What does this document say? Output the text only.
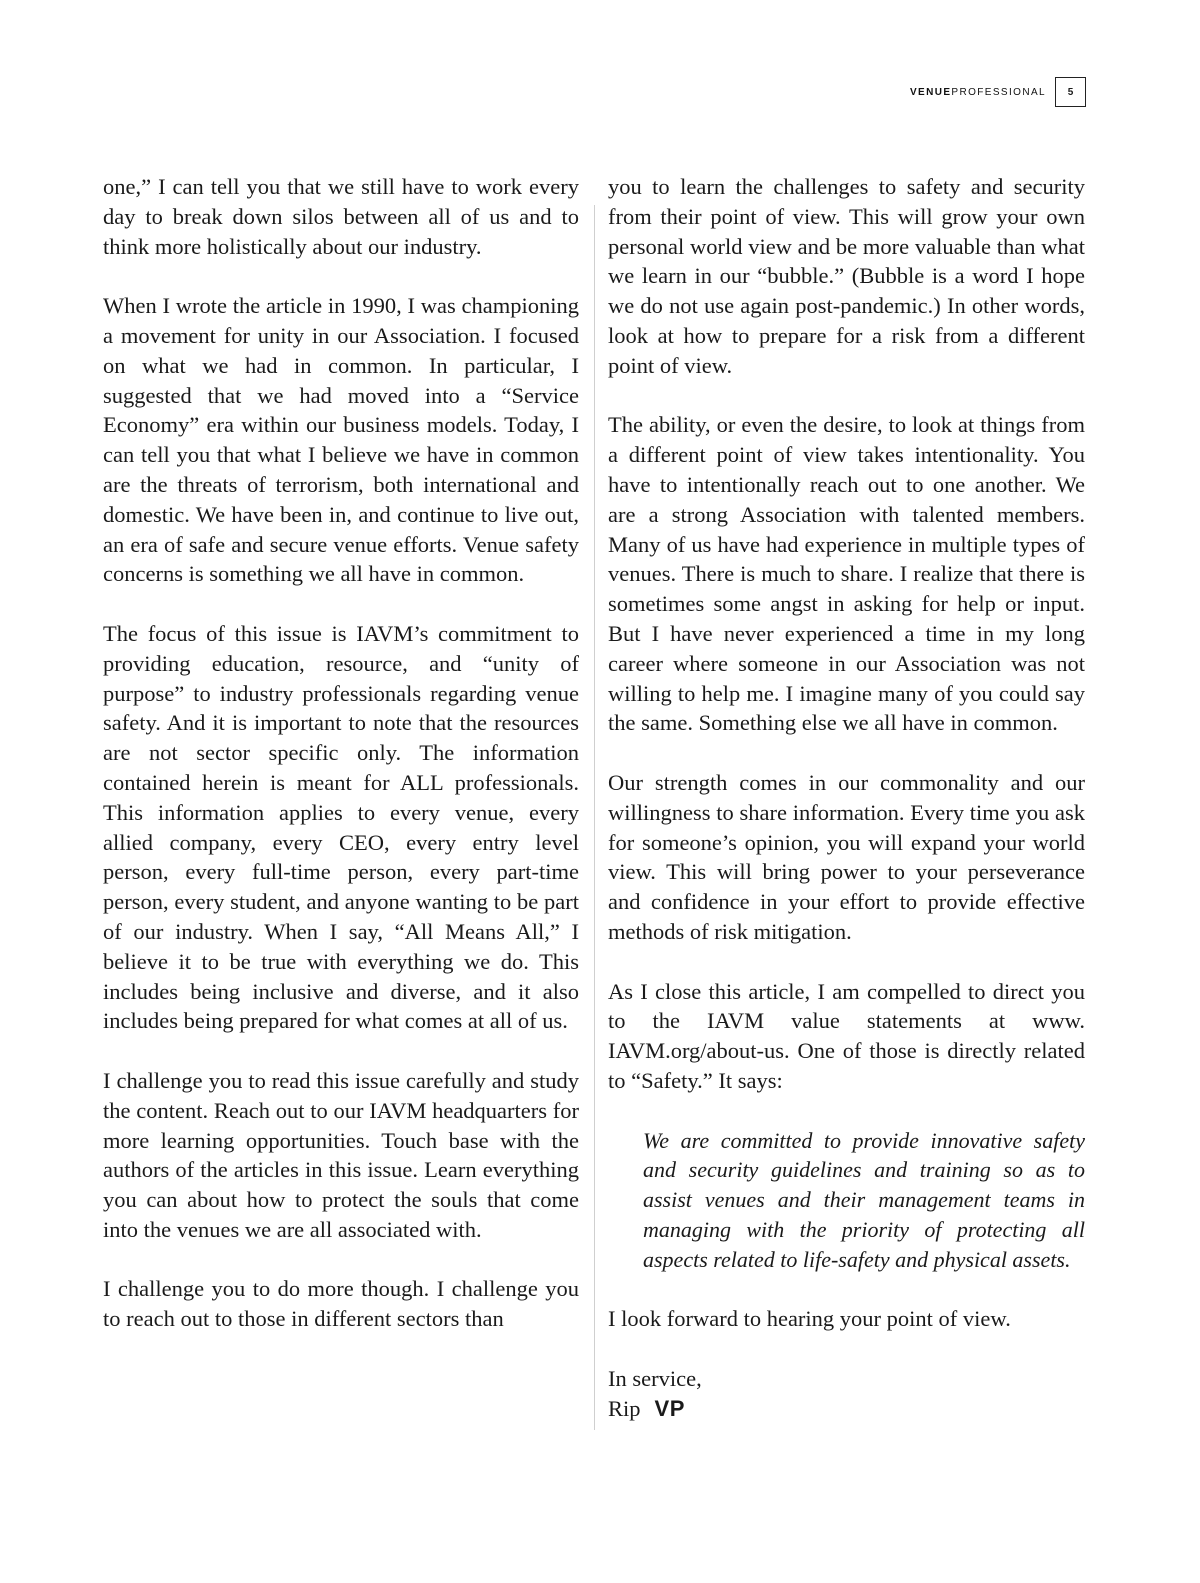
VENUEPROFESSIONAL	5

one,” I can tell you that we still have to work every day to break down silos between all of us and to think more holistically about our industry.

When I wrote the article in 1990, I was championing a movement for unity in our Association. I focused on what we had in common. In particular, I suggested that we had moved into a “Service Economy” era within our business models. Today, I can tell you that what I believe we have in common are the threats of terrorism, both international and domestic. We have been in, and continue to live out, an era of safe and secure venue efforts. Venue safety concerns is something we all have in common.

The focus of this issue is IAVM’s commitment to providing education, resource, and “unity of purpose” to industry professionals regarding venue safety. And it is important to note that the resources are not sector specific only. The information contained herein is meant for ALL professionals. This information applies to every venue, every allied company, every CEO, every entry level person, every full-time person, every part-time person, every student, and anyone wanting to be part of our industry. When I say, “All Means All,” I believe it to be true with everything we do. This includes being inclusive and diverse, and it also includes being prepared for what comes at all of us.

I challenge you to read this issue carefully and study the content. Reach out to our IAVM headquarters for more learning opportunities. Touch base with the authors of the articles in this issue. Learn everything you can about how to protect the souls that come into the venues we are all associated with.

I challenge you to do more though. I challenge you to reach out to those in different sectors than

you to learn the challenges to safety and security from their point of view. This will grow your own personal world view and be more valuable than what we learn in our “bubble.” (Bubble is a word I hope we do not use again post-pandemic.) In other words, look at how to prepare for a risk from a different point of view.

The ability, or even the desire, to look at things from a different point of view takes intentionality. You have to intentionally reach out to one another. We are a strong Association with talented members. Many of us have had experience in multiple types of venues. There is much to share. I realize that there is sometimes some angst in asking for help or input. But I have never experienced a time in my long career where someone in our Association was not willing to help me. I imagine many of you could say the same. Something else we all have in common.

Our strength comes in our commonality and our willingness to share information. Every time you ask for someone’s opinion, you will expand your world view. This will bring power to your perseverance and confidence in your effort to provide effective methods of risk mitigation.

As I close this article, I am compelled to direct you to the IAVM value statements at www.​IAVM.org/about-us. One of those is directly related to “Safety.” It says:

We are committed to provide innovative safety and security guidelines and training so as to assist venues and their management teams in managing with the priority of protecting all aspects related to life-safety and physical assets.

I look forward to hearing your point of view.

In service,

Rip VP
